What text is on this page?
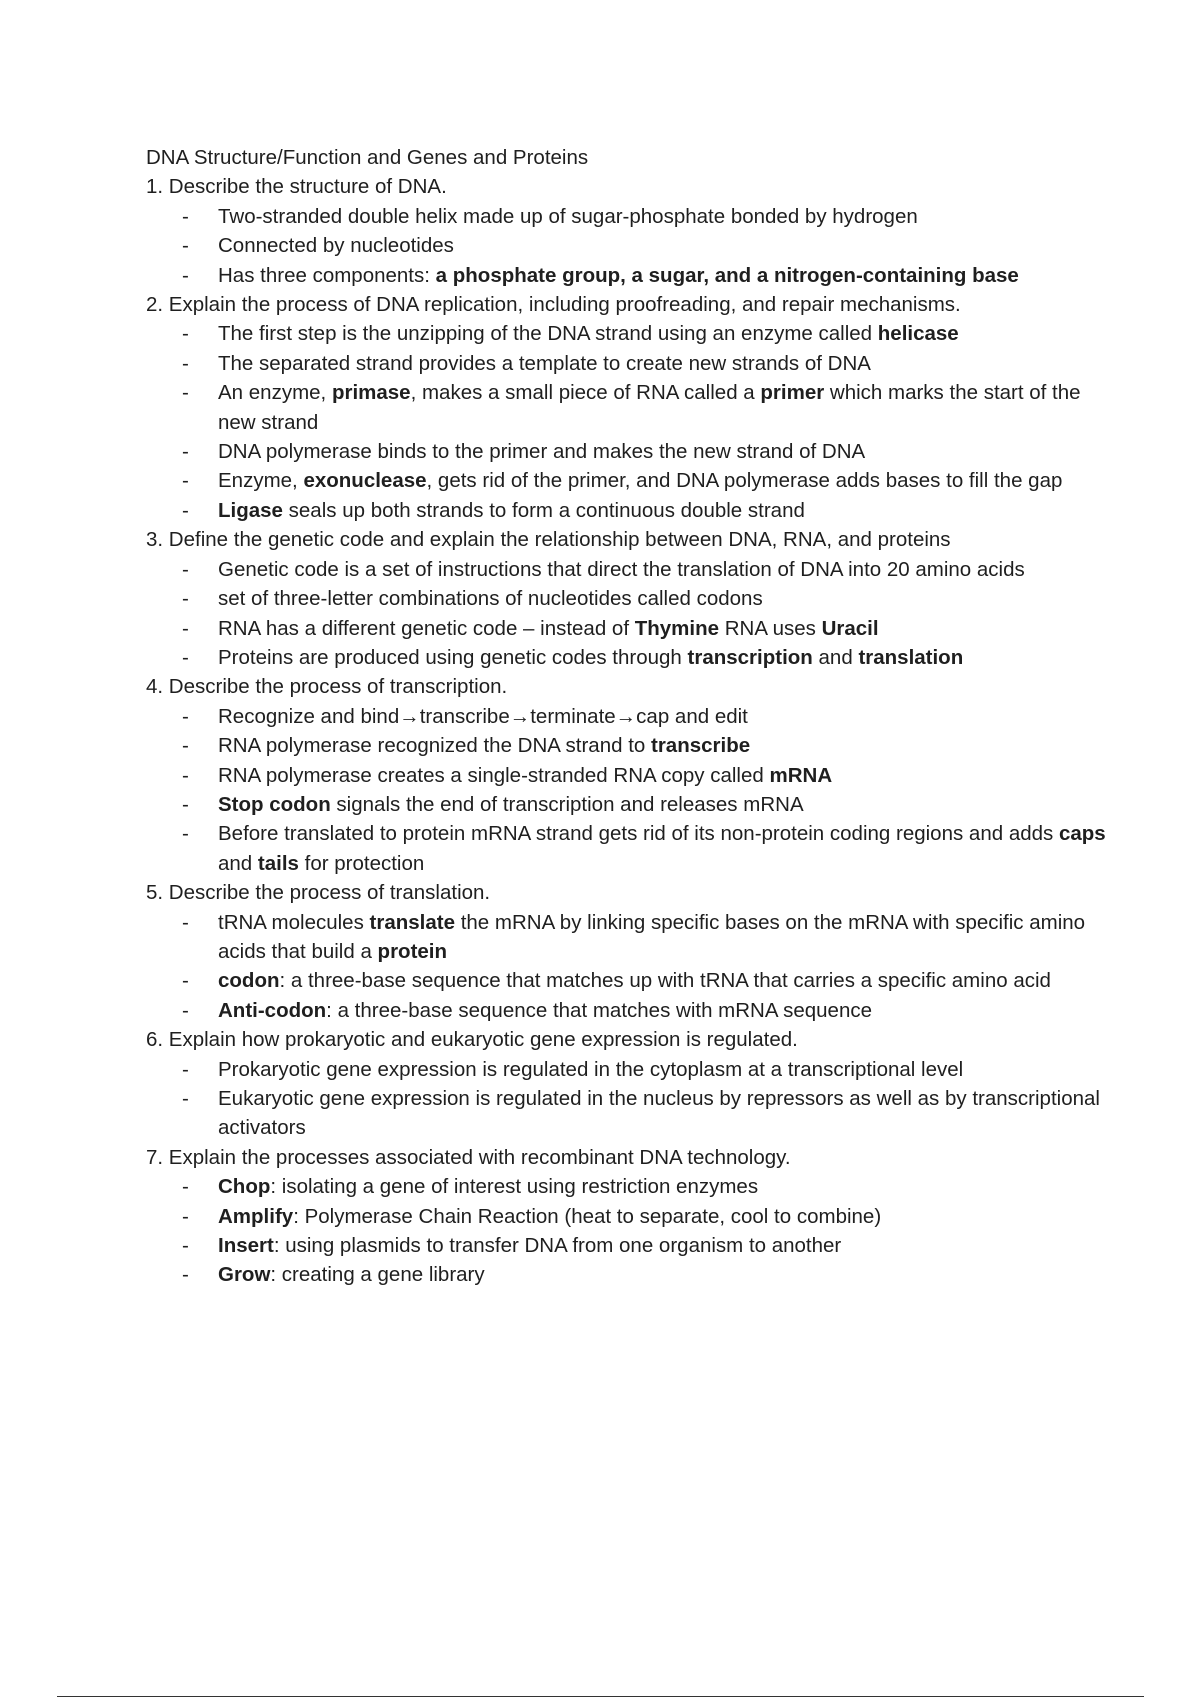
DNA Structure/Function and Genes and Proteins

1. Describe the structure of DNA.

- Two-stranded double helix made up of sugar-phosphate bonded by hydrogen
- Connected by nucleotides
- Has three components: a phosphate group, a sugar, and a nitrogen-containing base

2. Explain the process of DNA replication, including proofreading, and repair mechanisms.

- The first step is the unzipping of the DNA strand using an enzyme called helicase
- The separated strand provides a template to create new strands of DNA
- An enzyme, primase, makes a small piece of RNA called a primer which marks the start of the new strand
- DNA polymerase binds to the primer and makes the new strand of DNA
- Enzyme, exonuclease, gets rid of the primer, and DNA polymerase adds bases to fill the gap
- Ligase seals up both strands to form a continuous double strand

3. Define the genetic code and explain the relationship between DNA, RNA, and proteins

- Genetic code is a set of instructions that direct the translation of DNA into 20 amino acids
- set of three-letter combinations of nucleotides called codons
- RNA has a different genetic code – instead of Thymine RNA uses Uracil
- Proteins are produced using genetic codes through transcription and translation

4. Describe the process of transcription.

- Recognize and bind→transcribe→terminate→cap and edit
- RNA polymerase recognized the DNA strand to transcribe
- RNA polymerase creates a single-stranded RNA copy called mRNA
- Stop codon signals the end of transcription and releases mRNA
- Before translated to protein mRNA strand gets rid of its non-protein coding regions and adds caps and tails for protection

5. Describe the process of translation.

- tRNA molecules translate the mRNA by linking specific bases on the mRNA with specific amino acids that build a protein
- codon: a three-base sequence that matches up with tRNA that carries a specific amino acid
- Anti-codon: a three-base sequence that matches with mRNA sequence

6. Explain how prokaryotic and eukaryotic gene expression is regulated.

- Prokaryotic gene expression is regulated in the cytoplasm at a transcriptional level
- Eukaryotic gene expression is regulated in the nucleus by repressors as well as by transcriptional activators

7. Explain the processes associated with recombinant DNA technology.

- Chop: isolating a gene of interest using restriction enzymes
- Amplify: Polymerase Chain Reaction (heat to separate, cool to combine)
- Insert: using plasmids to transfer DNA from one organism to another
- Grow: creating a gene library
